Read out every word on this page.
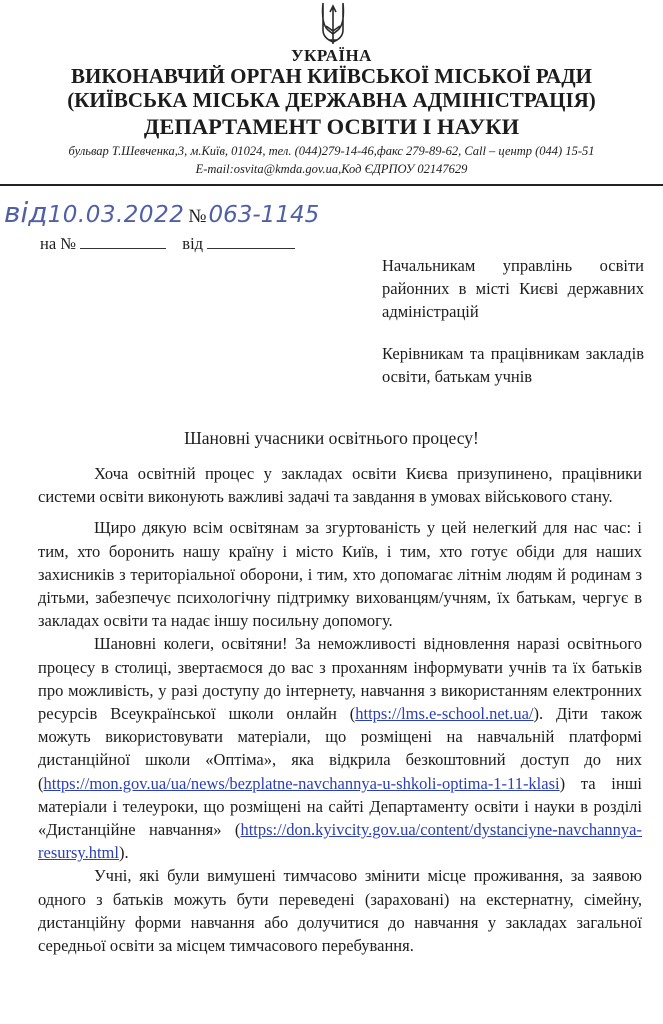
УКРАЇНА
ВИКОНАВЧИЙ ОРГАН КИЇВСЬКОЇ МІСЬКОЇ РАДИ
(КИЇВСЬКА МІСЬКА ДЕРЖАВНА АДМІНІСТРАЦІЯ)
ДЕПАРТАМЕНТ ОСВІТИ І НАУКИ
бульвар Т.Шевченка,3, м.Київ, 01024, тел. (044)279-14-46,факс 279-89-62, Call – центр (044) 15-51
E-mail:osvita@kmda.gov.ua,Код ЄДРПОУ 02147629
від10.03.2022 №063-1145
на №	від
Начальникам управлінь освіти районних в місті Києві державних адміністрацій
Керівникам та працівникам закладів освіти, батькам учнів
Шановні учасники освітнього процесу!

Хоча освітній процес у закладах освіти Києва призупинено, працівники системи освіти виконують важливі задачі та завдання в умовах військового стану.

Щиро дякую всім освітянам за згуртованість у цей нелегкий для нас час: і тим, хто боронить нашу країну і місто Київ, і тим, хто готує обіди для наших захисників з територіальної оборони, і тим, хто допомагає літнім людям й родинам з дітьми, забезпечує психологічну підтримку вихованцям/учням, їх батькам, чергує в закладах освіти та надає іншу посильну допомогу.

Шановні колеги, освітяни! За неможливості відновлення наразі освітнього процесу в столиці, звертаємося до вас з проханням інформувати учнів та їх батьків про можливість, у разі доступу до інтернету, навчання з використанням електронних ресурсів Всеукраїнської школи онлайн (https://lms.e-school.net.ua/). Діти також можуть використовувати матеріали, що розміщені на навчальній платформі дистанційної школи «Оптіма», яка відкрила безкоштовний доступ до них (https://mon.gov.ua/ua/news/bezplatne-navchannya-u-shkoli-optima-1-11-klasi) та інші матеріали і телеуроки, що розміщені на сайті Департаменту освіти і науки в розділі «Дистанційне навчання» (https://don.kyivcity.gov.ua/content/dystanciyne-navchannya-resursy.html).

Учні, які були вимушені тимчасово змінити місце проживання, за заявою одного з батьків можуть бути переведені (зараховані) на екстернатну, сімейну, дистанційну форми навчання або долучитися до навчання у закладах загальної середньої освіти за місцем тимчасового перебування.
